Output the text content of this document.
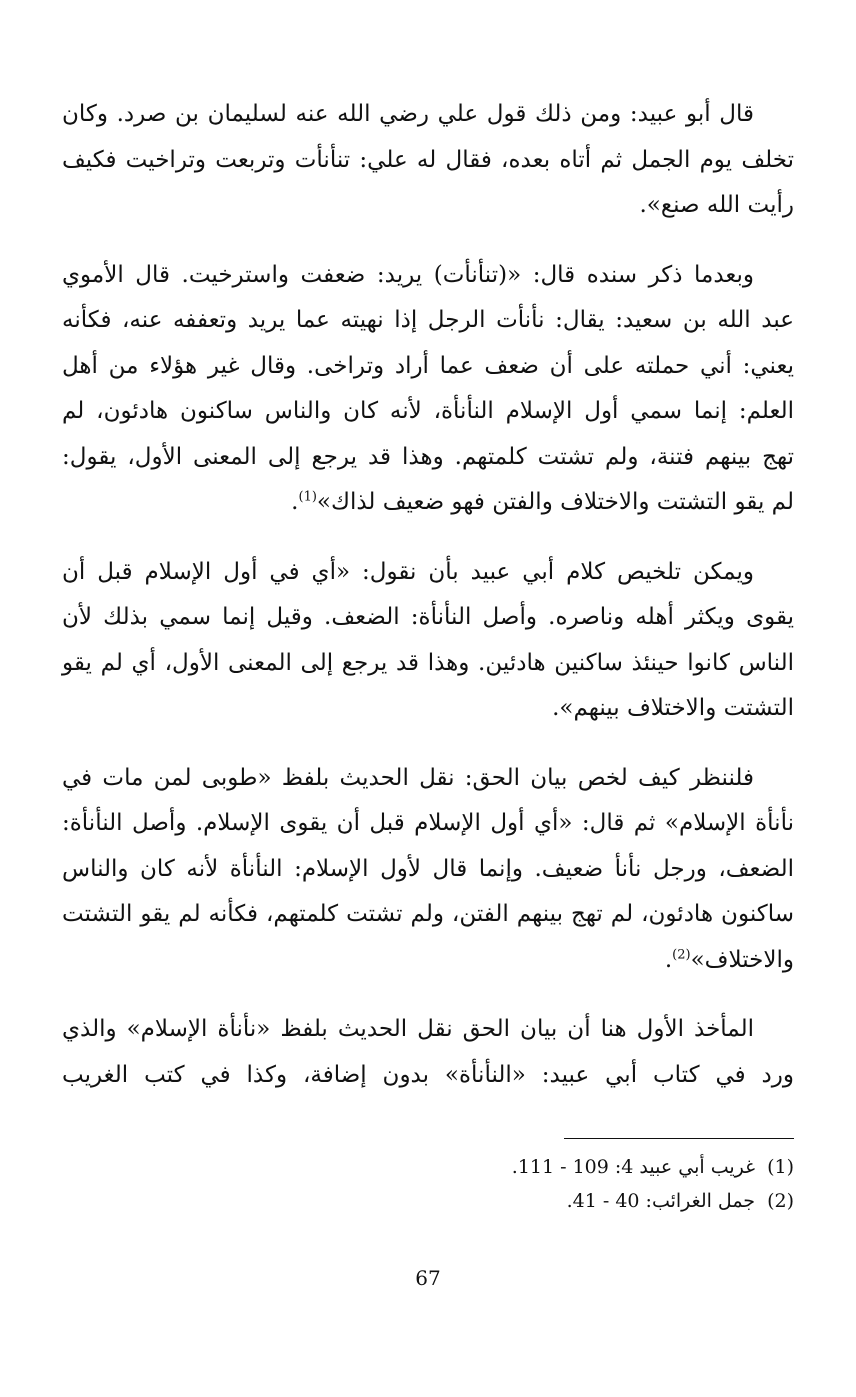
قال أبو عبيد: ومن ذلك قول علي رضي الله عنه لسليمان بن صرد. وكان
تخلف يوم الجمل ثم أتاه بعده، فقال له علي: تنأنأت وتربعت وتراخيت فكيف
رأيت الله صنع».

وبعدما ذكر سنده قال: «(تنأنأت) يريد: ضعفت واسترخيت. قال الأموي
عبد الله بن سعيد: يقال: نأنأت الرجل إذا نهيته عما يريد وتعففه عنه، فكأنه
يعني: أني حملته على أن ضعف عما أراد وتراخى. وقال غير هؤلاء من أهل
العلم: إنما سمي أول الإسلام النأنأة، لأنه كان والناس ساكنون هادئون، لم
تهج بينهم فتنة، ولم تشتت كلمتهم. وهذا قد يرجع إلى المعنى الأول، يقول:
لم يقو التشتت والاختلاف والفتن فهو ضعيف لذاك»$^{(1)}$.

ويمكن تلخيص كلام أبي عبيد بأن نقول: «أي في أول الإسلام قبل أن
يقوى ويكثر أهله وناصره. وأصل النأنأة: الضعف. وقيل إنما سمي بذلك لأن
الناس كانوا حينئذ ساكنين هادئين. وهذا قد يرجع إلى المعنى الأول، أي لم يقو
التشتت والاختلاف بينهم».

فلننظر كيف لخص بيان الحق: نقل الحديث بلفظ «طوبى لمن مات في
نأنأة الإسلام» ثم قال: «أي أول الإسلام قبل أن يقوى الإسلام. وأصل النأنأة:
الضعف، ورجل نأنأ ضعيف. وإنما قال لأول الإسلام: النأنأة لأنه كان والناس
ساكنون هادئون، لم تهج بينهم الفتن، ولم تشتت كلمتهم، فكأنه لم يقو التشتت
والاختلاف»$^{(2)}$.

المأخذ الأول هنا أن بيان الحق نقل الحديث بلفظ «نأنأة الإسلام» والذي
ورد في كتاب أبي عبيد: «النأنأة» بدون إضافة، وكذا في كتب الغريب

(1)غريب أبي عبيد 4: 109 - 111.
(2)جمل الغرائب: 40 - 41.
67
